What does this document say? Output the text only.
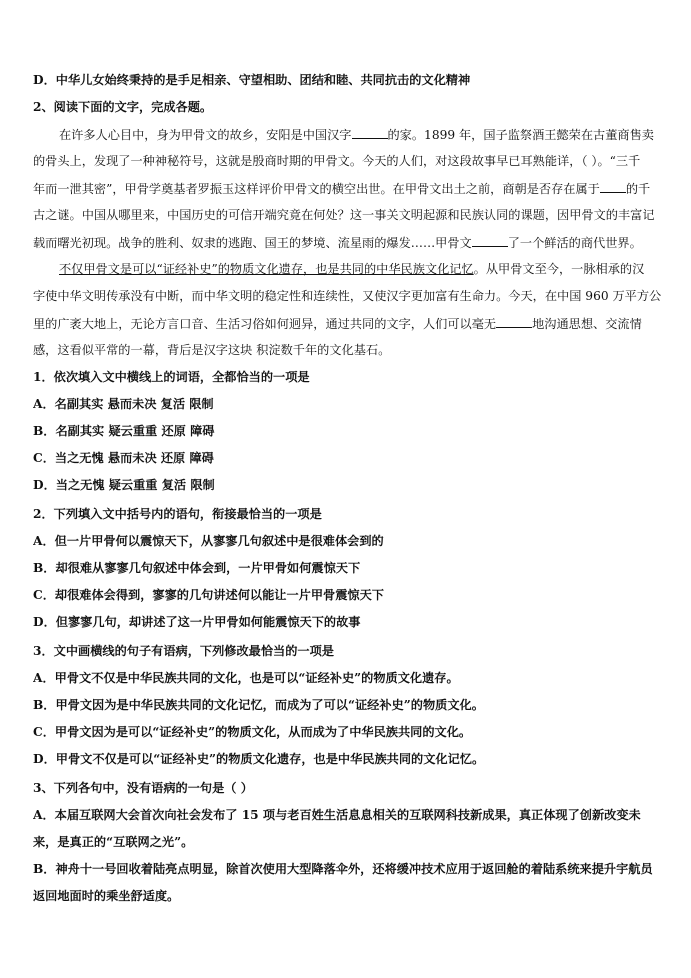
D．中华儿女始终秉持的是手足相亲、守望相助、团结和睦、共同抗击的文化精神
2、阅读下面的文字，完成各题。
在许多人心目中，身为甲骨文的故乡，安阳是中国汉字	的家。1899 年，国子监祭酒王懿荣在古董商售卖
的骨头上，发现了一种神秘符号，这就是殷商时期的甲骨文。今天的人们，对这段故事早已耳熟能详，（ ）。“三千
年而一泄其密”，甲骨学奠基者罗振玉这样评价甲骨文的横空出世。在甲骨文出土之前，商朝是否存在属于 的千
古之谜。中国从哪里来，中国历史的可信开端究竟在何处？这一事关文明起源和民族认同的课题，因甲骨文的丰富记
载而曙光初现。战争的胜利、奴隶的逃跑、国王的梦境、流星雨的爆发……甲骨文	了一个鲜活的商代世界。
不仅甲骨文是可以“证经补史”的物质文化遗存，也是共同的中华民族文化记忆。从甲骨文至今，一脉相承的汉
字使中华文明传承没有中断，而中华文明的稳定性和连续性，又使汉字更加富有生命力。今天，在中国 960 万平方公
里的广袤大地上，无论方言口音、生活习俗如何迥异，通过共同的文字，人们可以毫无	地沟通思想、交流情
感，这看似平常的一幕，背后是汉字这块 积淀数千年的文化基石。
1．依次填入文中横线上的词语，全都恰当的一项是
A．名副其实 悬而未决 复活 限制
B．名副其实 疑云重重 还原 障碍
C．当之无愧 悬而未决 还原 障碍
D．当之无愧 疑云重重 复活 限制
2．下列填入文中括号内的语句，衔接最恰当的一项是
A．但一片甲骨何以震惊天下，从寥寥几句叙述中是很难体会到的
B．却很难从寥寥几句叙述中体会到，一片甲骨如何震惊天下
C．却很难体会得到，寥寥的几句讲述何以能让一片甲骨震惊天下
D．但寥寥几句，却讲述了这一片甲骨如何能震惊天下的故事
3．文中画横线的句子有语病，下列修改最恰当的一项是
A．甲骨文不仅是中华民族共同的文化，也是可以“证经补史”的物质文化遗存。
B．甲骨文因为是中华民族共同的文化记忆，而成为了可以“证经补史”的物质文化。
C．甲骨文因为是可以“证经补史”的物质文化，从而成为了中华民族共同的文化。
D．甲骨文不仅是可以“证经补史”的物质文化遗存，也是中华民族共同的文化记忆。
3、下列各句中，没有语病的一句是（ ）
A．本届互联网大会首次向社会发布了 15 项与老百姓生活息息相关的互联网科技新成果，真正体现了创新改变未
来，是真正的“互联网之光”。
B．神舟十一号回收着陆亮点明显，除首次使用大型降落伞外，还将缓冲技术应用于返回舱的着陆系统来提升宇航员
返回地面时的乘坐舒适度。
